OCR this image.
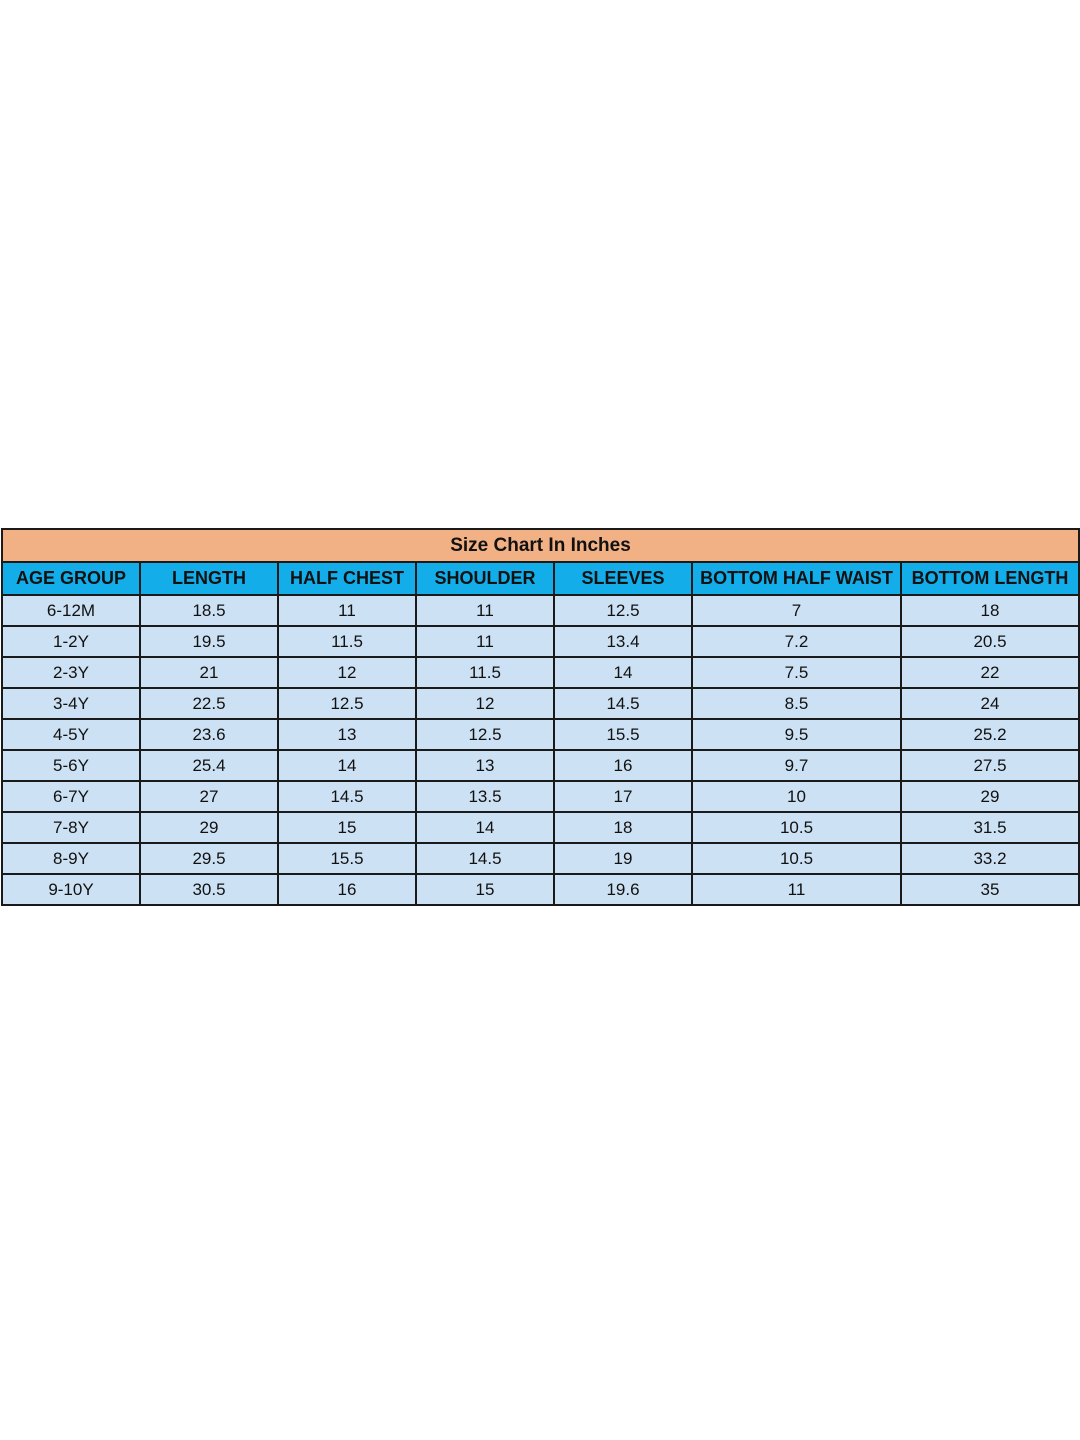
Size Chart In Inches						
AGE GROUP	LENGTH	HALF CHEST	SHOULDER	SLEEVES	BOTTOM HALF WAIST	BOTTOM LENGTH
6-12M	18.5	11	11	12.5	7	18
1-2Y	19.5	11.5	11	13.4	7.2	20.5
2-3Y	21	12	11.5	14	7.5	22
3-4Y	22.5	12.5	12	14.5	8.5	24
4-5Y	23.6	13	12.5	15.5	9.5	25.2
5-6Y	25.4	14	13	16	9.7	27.5
6-7Y	27	14.5	13.5	17	10	29
7-8Y	29	15	14	18	10.5	31.5
8-9Y	29.5	15.5	14.5	19	10.5	33.2
9-10Y	30.5	16	15	19.6	11	35
